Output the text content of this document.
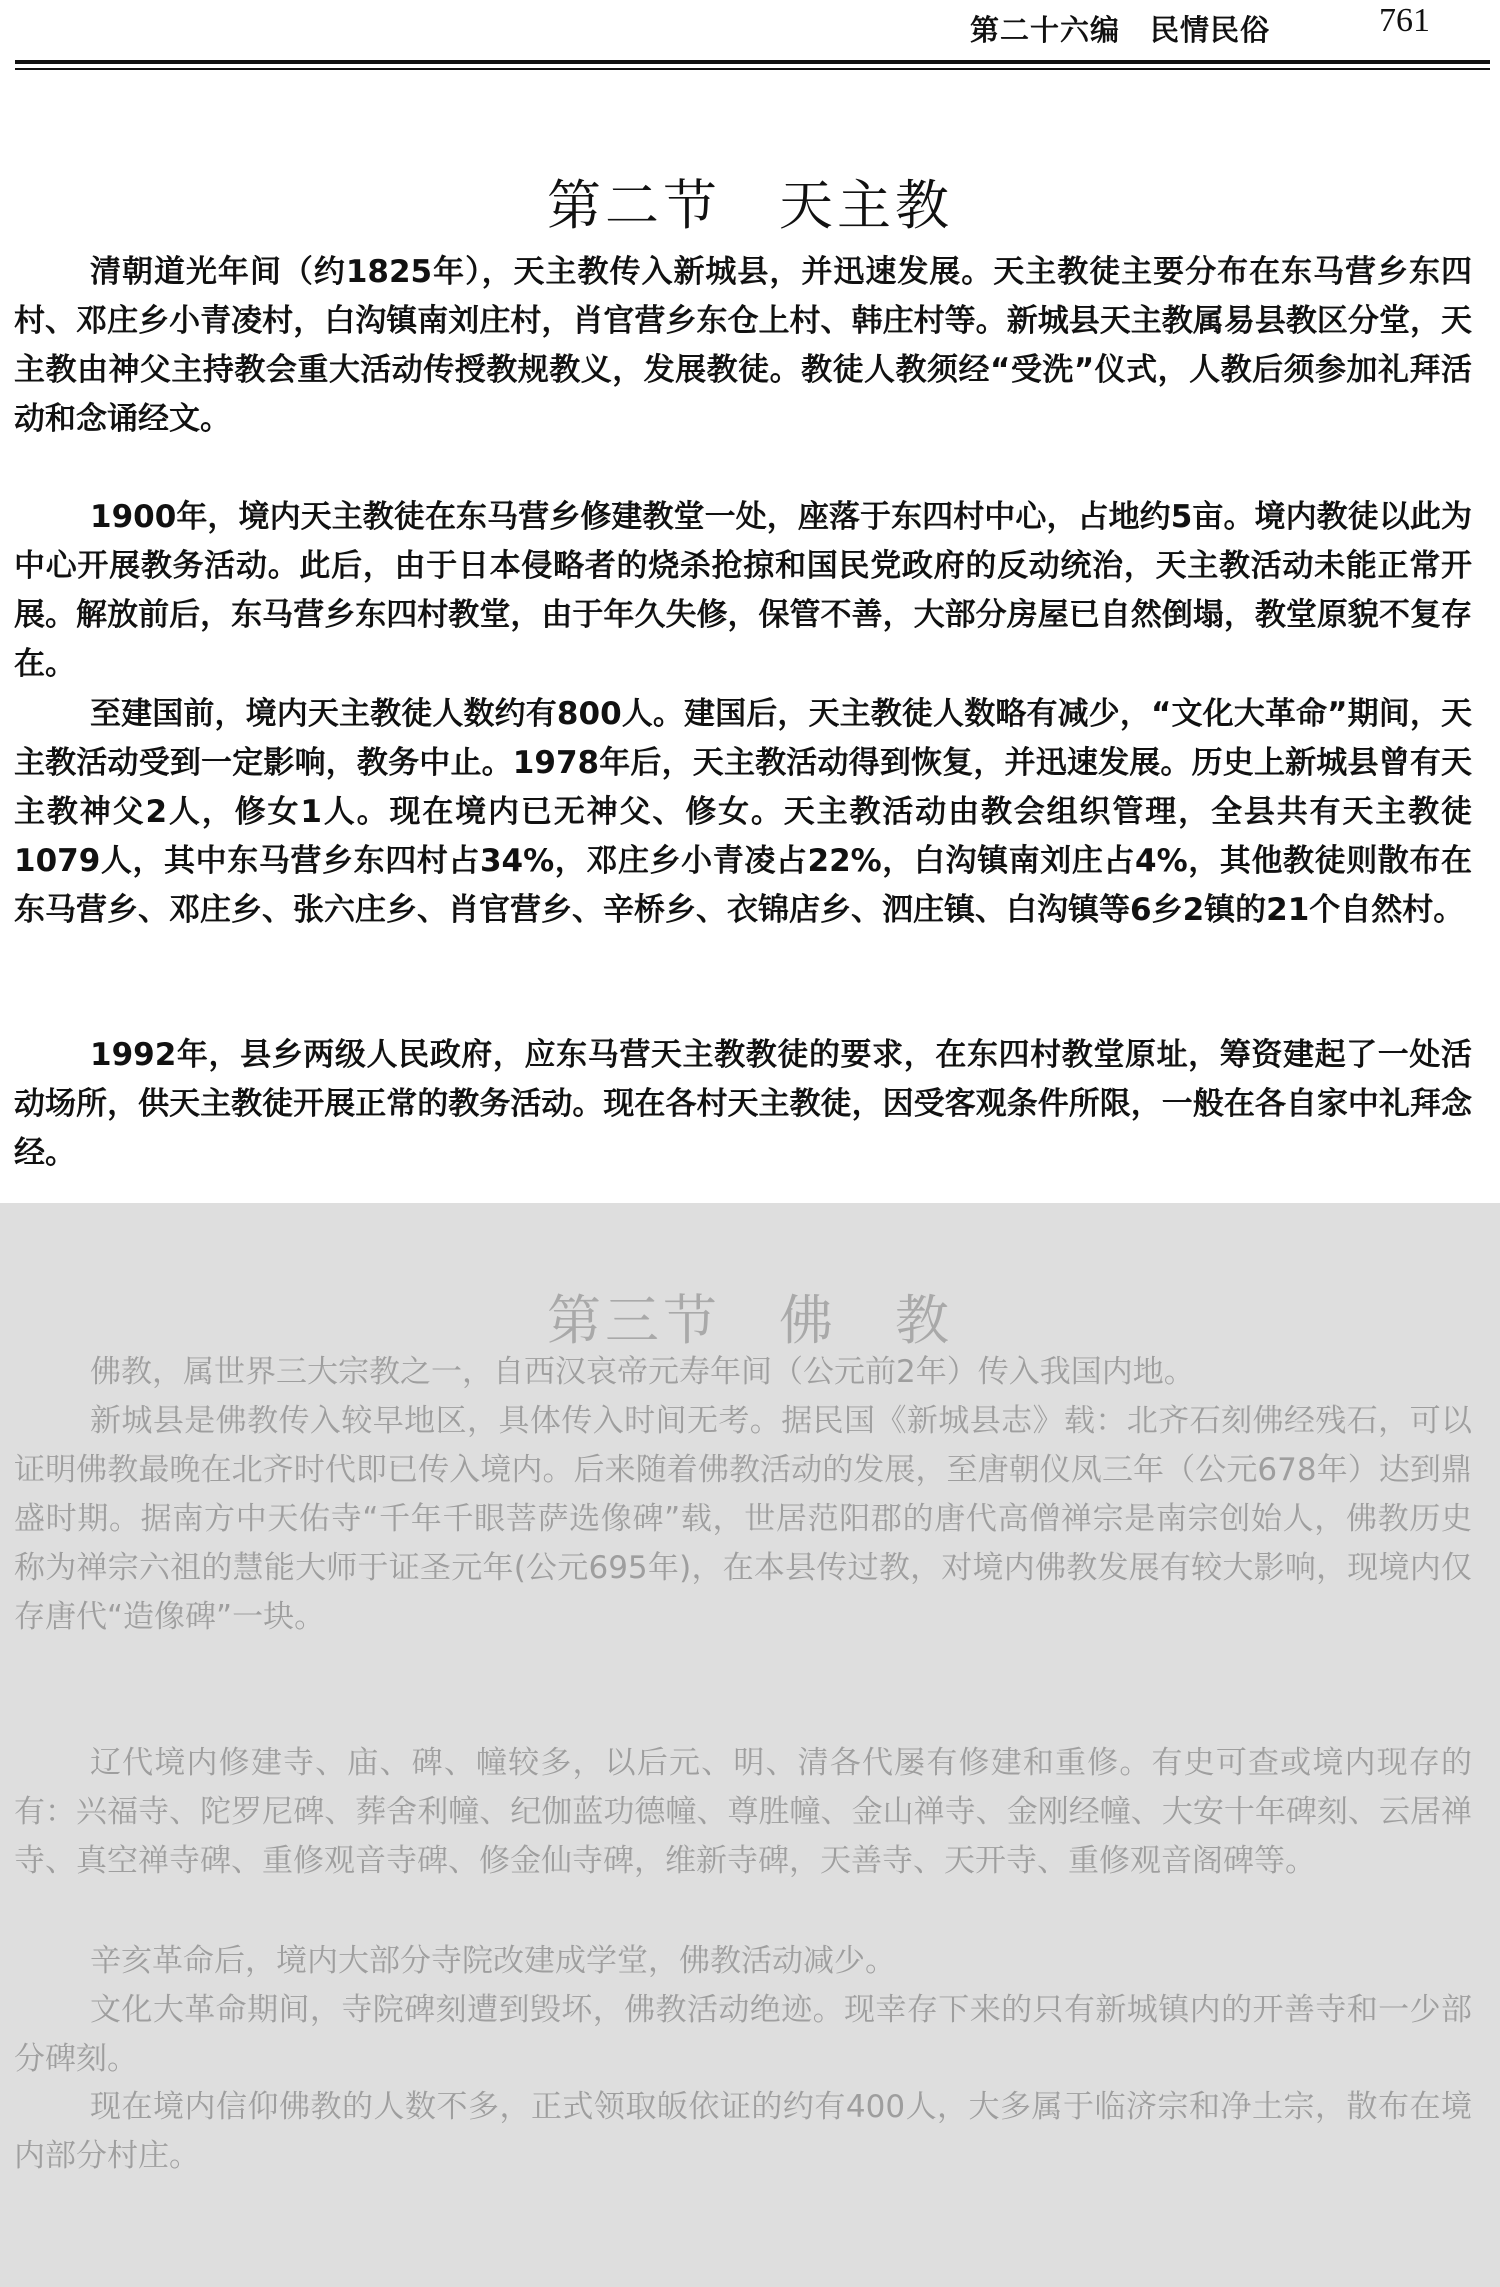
第二十六编　民情民俗	761
第二节　天主教

清朝道光年间（约1825年），天主教传入新城县，并迅速发展。天主教徒主要分布在东马营乡东四村、邓庄乡小青凌村，白沟镇南刘庄村，肖官营乡东仓上村、韩庄村等。新城县天主教属易县教区分堂，天主教由神父主持教会重大活动传授教规教义，发展教徒。教徒人教须经“受洗”仪式，人教后须参加礼拜活动和念诵经文。

1900年，境内天主教徒在东马营乡修建教堂一处，座落于东四村中心，占地约5亩。境内教徒以此为中心开展教务活动。此后，由于日本侵略者的烧杀抢掠和国民党政府的反动统治，天主教活动未能正常开展。解放前后，东马营乡东四村教堂，由于年久失修，保管不善，大部分房屋已自然倒塌，教堂原貌不复存在。

至建国前，境内天主教徒人数约有800人。建国后，天主教徒人数略有减少，“文化大革命”期间，天主教活动受到一定影响，教务中止。1978年后，天主教活动得到恢复，并迅速发展。历史上新城县曾有天主教神父2人，修女1人。现在境内已无神父、修女。天主教活动由教会组织管理，全县共有天主教徒1079人，其中东马营乡东四村占34%，邓庄乡小青凌占22%，白沟镇南刘庄占4%，其他教徒则散布在东马营乡、邓庄乡、张六庄乡、肖官营乡、辛桥乡、衣锦店乡、泗庄镇、白沟镇等6乡2镇的21个自然村。

1992年，县乡两级人民政府，应东马营天主教教徒的要求，在东四村教堂原址，筹资建起了一处活动场所，供天主教徒开展正常的教务活动。现在各村天主教徒，因受客观条件所限，一般在各自家中礼拜念经。

第三节　佛　教

佛教，属世界三大宗教之一，自西汉哀帝元寿年间（公元前2年）传入我国内地。

新城县是佛教传入较早地区，具体传入时间无考。据民国《新城县志》载：北齐石刻佛经残石，可以证明佛教最晚在北齐时代即已传入境内。后来随着佛教活动的发展，至唐朝仪凤三年（公元678年）达到鼎盛时期。据南方中天佑寺“千年千眼菩萨选像碑”载，世居范阳郡的唐代高僧禅宗是南宗创始人，佛教历史称为禅宗六祖的慧能大师于证圣元年(公元695年)，在本县传过教，对境内佛教发展有较大影响，现境内仅存唐代“造像碑”一块。

辽代境内修建寺、庙、碑、幢较多，以后元、明、清各代屡有修建和重修。有史可查或境内现存的有：兴福寺、陀罗尼碑、葬舍利幢、纪伽蓝功德幢、尊胜幢、金山禅寺、金刚经幢、大安十年碑刻、云居禅寺、真空禅寺碑、重修观音寺碑、修金仙寺碑，维新寺碑，天善寺、天开寺、重修观音阁碑等。

辛亥革命后，境内大部分寺院改建成学堂，佛教活动减少。

文化大革命期间，寺院碑刻遭到毁坏，佛教活动绝迹。现幸存下来的只有新城镇内的开善寺和一少部分碑刻。

现在境内信仰佛教的人数不多，正式领取皈依证的约有400人，大多属于临济宗和净土宗，散布在境内部分村庄。
